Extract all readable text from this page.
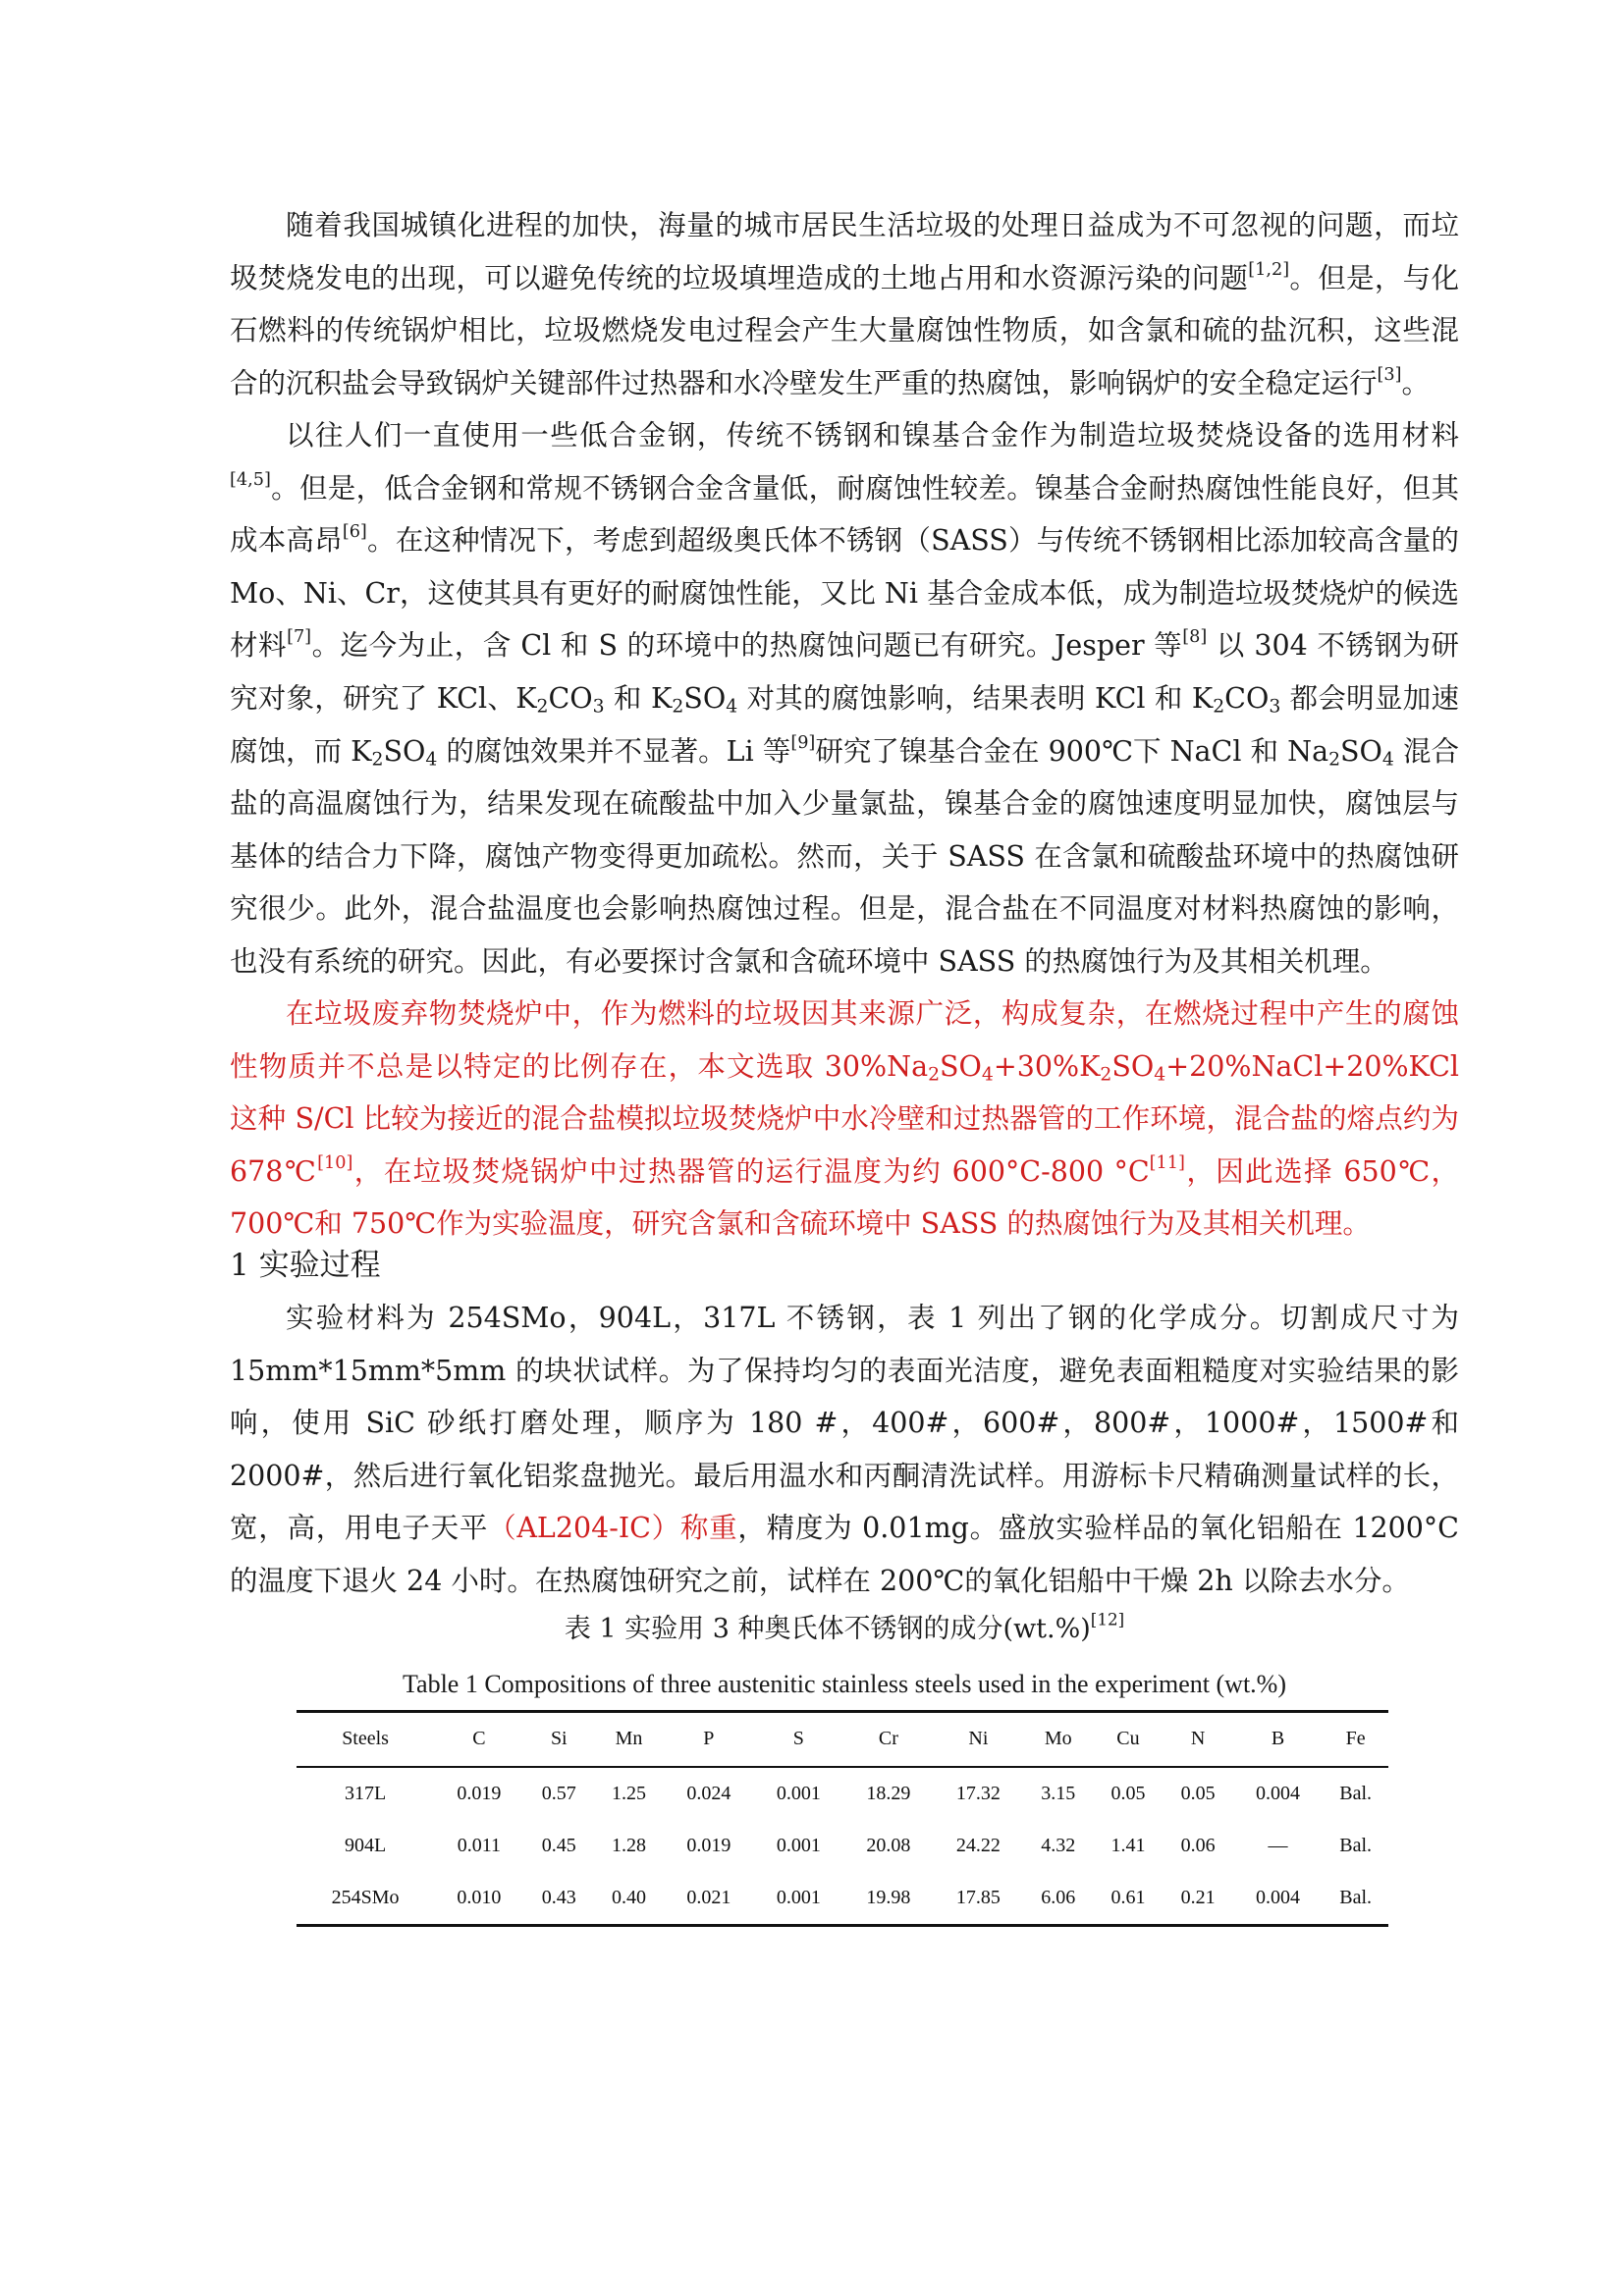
随着我国城镇化进程的加快，海量的城市居民生活垃圾的处理日益成为不可忽视的问题，而垃圾焚烧发电的出现，可以避免传统的垃圾填埋造成的土地占用和水资源污染的问题[1,2]。但是，与化石燃料的传统锅炉相比，垃圾燃烧发电过程会产生大量腐蚀性物质，如含氯和硫的盐沉积，这些混合的沉积盐会导致锅炉关键部件过热器和水冷壁发生严重的热腐蚀，影响锅炉的安全稳定运行[3]。

以往人们一直使用一些低合金钢，传统不锈钢和镍基合金作为制造垃圾焚烧设备的选用材料[4,5]。但是，低合金钢和常规不锈钢合金含量低，耐腐蚀性较差。镍基合金耐热腐蚀性能良好，但其成本高昂[6]。在这种情况下，考虑到超级奥氏体不锈钢（SASS）与传统不锈钢相比添加较高含量的Mo、Ni、Cr，这使其具有更好的耐腐蚀性能，又比 Ni 基合金成本低，成为制造垃圾焚烧炉的候选材料[7]。迄今为止，含 Cl 和 S 的环境中的热腐蚀问题已有研究。Jesper 等[8] 以 304 不锈钢为研究对象，研究了 KCl、$K_2CO_3$ 和 $K_2SO_4$ 对其的腐蚀影响，结果表明 KCl 和 $K_2CO_3$ 都会明显加速腐蚀，而 $K_2SO_4$ 的腐蚀效果并不显著。Li 等[9]研究了镍基合金在 900℃下 NaCl 和 $Na_2SO_4$ 混合盐的高温腐蚀行为，结果发现在硫酸盐中加入少量氯盐，镍基合金的腐蚀速度明显加快，腐蚀层与基体的结合力下降，腐蚀产物变得更加疏松。然而，关于 SASS 在含氯和硫酸盐环境中的热腐蚀研究很少。此外，混合盐温度也会影响热腐蚀过程。但是，混合盐在不同温度对材料热腐蚀的影响，也没有系统的研究。因此，有必要探讨含氯和含硫环境中 SASS 的热腐蚀行为及其相关机理。

在垃圾废弃物焚烧炉中，作为燃料的垃圾因其来源广泛，构成复杂，在燃烧过程中产生的腐蚀性物质并不总是以特定的比例存在，本文选取 $30\%Na_2SO_4+30\%K_2SO_4+20\%NaCl+20\%KCl$ 这种 S/Cl 比较为接近的混合盐模拟垃圾焚烧炉中水冷壁和过热器管的工作环境，混合盐的熔点约为 678℃[10]，在垃圾焚烧锅炉中过热器管的运行温度为约 600°C-800 °C[11]，因此选择 650℃，700℃和 750℃作为实验温度，研究含氯和含硫环境中 SASS 的热腐蚀行为及其相关机理。

1 实验过程

实验材料为 254SMo，904L，317L 不锈钢，表 1 列出了钢的化学成分。切割成尺寸为 15mm*15mm*5mm 的块状试样。为了保持均匀的表面光洁度，避免表面粗糙度对实验结果的影响，使用 SiC 砂纸打磨处理，顺序为 180 #，400#，600#，800#，1000#，1500#和 2000#，然后进行氧化铝浆盘抛光。最后用温水和丙酮清洗试样。用游标卡尺精确测量试样的长，宽，高，用电子天平（AL204-IC）称重，精度为 0.01mg。盛放实验样品的氧化铝船在 1200°C 的温度下退火 24 小时。在热腐蚀研究之前，试样在 200℃的氧化铝船中干燥 2h 以除去水分。

表 1 实验用 3 种奥氏体不锈钢的成分(wt.%)[12]

Table 1 Compositions of three austenitic stainless steels used in the experiment (wt.%)

Steels	C	Si	Mn	P	S	Cr	Ni	Mo	Cu	N	B	Fe
317L	0.019	0.57	1.25	0.024	0.001	18.29	17.32	3.15	0.05	0.05	0.004	Bal.
904L	0.011	0.45	1.28	0.019	0.001	20.08	24.22	4.32	1.41	0.06	—	Bal.
254SMo	0.010	0.43	0.40	0.021	0.001	19.98	17.85	6.06	0.61	0.21	0.004	Bal.
